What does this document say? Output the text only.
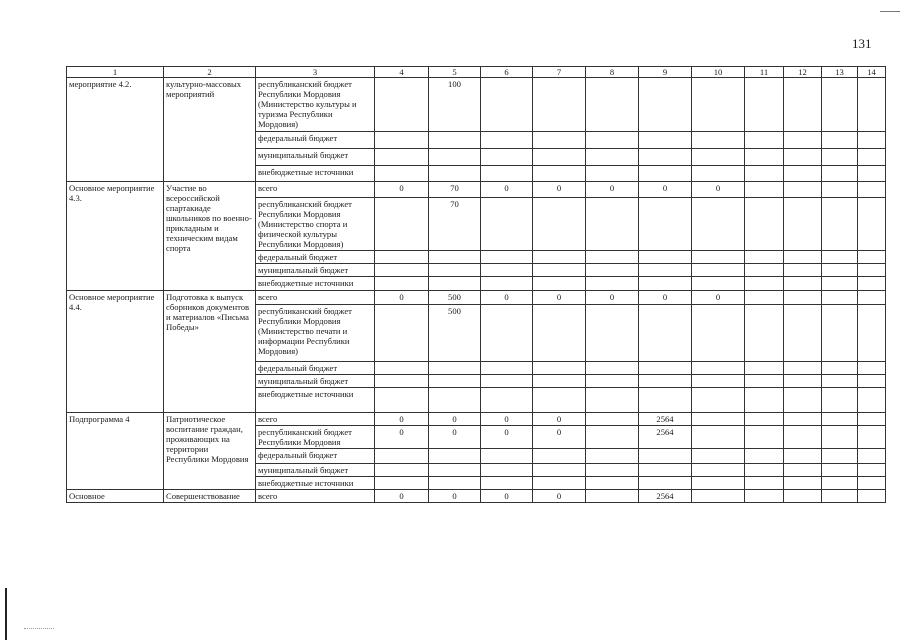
131
1	2	3	4	5	6	7	8	9	10	11	12	13	14
мероприятие 4.2.	культурно-массовых мероприятий	республиканский бюджет Республики Мордовия (Министерство культуры и туризма Республики Мордовия)		100									
		федеральный бюджет											
		муниципальный бюджет											
		внебюджетные источники											
Основное мероприятие 4.3.	Участие во всероссийской спартакиаде школьников по военно-прикладным и техническим видам спорта	всего	0	70	0	0	0	0	0				
		республиканский бюджет Республики Мордовия (Министерство спорта и физической культуры Республики Мордовия)		70									
		федеральный бюджет											
		муниципальный бюджет											
		внебюджетные источники											
Основное мероприятие 4.4.	Подготовка к выпуск сборников документов и материалов «Письма Победы»	всего	0	500	0	0	0	0	0				
		республиканский бюджет Республики Мордовия (Министерство печати и информации Республики Мордовия)		500									
		федеральный бюджет											
		муниципальный бюджет											
		внебюджетные источники											
Подпрограмма 4	Патриотическое воспитание граждан, проживающих на территории Республики Мордовия	всего	0	0	0	0		2564					
		республиканский бюджет Республики Мордовия	0	0	0	0		2564					
		федеральный бюджет											
		муниципальный бюджет											
		внебюджетные источники											
Основное	Совершенствование	всего	0	0	0	0		2564					
